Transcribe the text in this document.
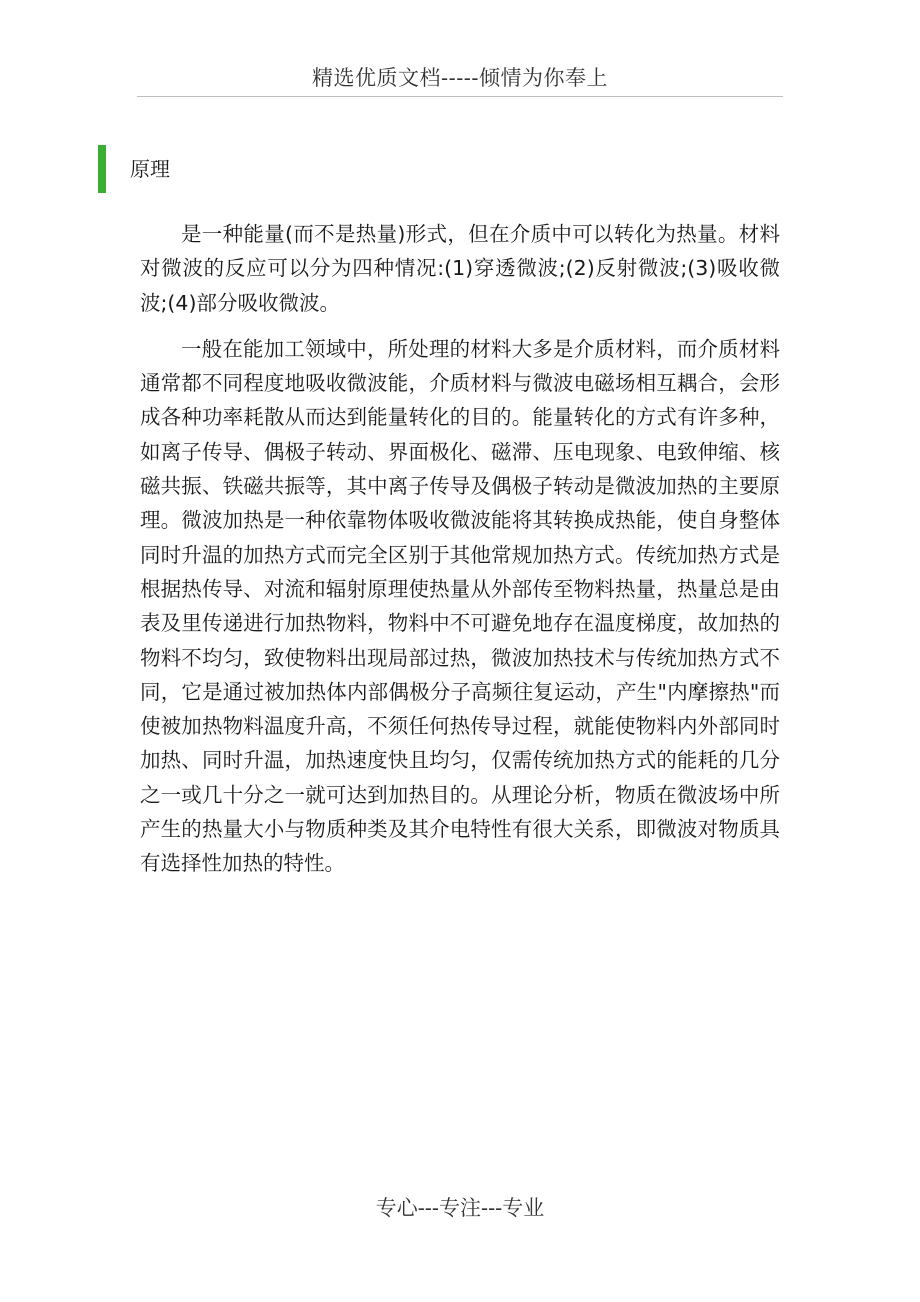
精选优质文档-----倾情为你奉上
原理

是一种能量(而不是热量)形式，但在介质中可以转化为热量。材料对微波的反应可以分为四种情况:(1)穿透微波;(2)反射微波;(3)吸收微波;(4)部分吸收微波。

一般在能加工领域中，所处理的材料大多是介质材料，而介质材料通常都不同程度地吸收微波能，介质材料与微波电磁场相互耦合，会形成各种功率耗散从而达到能量转化的目的。能量转化的方式有许多种，如离子传导、偶极子转动、界面极化、磁滞、压电现象、电致伸缩、核磁共振、铁磁共振等，其中离子传导及偶极子转动是微波加热的主要原理。微波加热是一种依靠物体吸收微波能将其转换成热能，使自身整体同时升温的加热方式而完全区别于其他常规加热方式。传统加热方式是根据热传导、对流和辐射原理使热量从外部传至物料热量，热量总是由表及里传递进行加热物料，物料中不可避免地存在温度梯度，故加热的物料不均匀，致使物料出现局部过热，微波加热技术与传统加热方式不同，它是通过被加热体内部偶极分子高频往复运动，产生"内摩擦热"而使被加热物料温度升高，不须任何热传导过程，就能使物料内外部同时加热、同时升温，加热速度快且均匀，仅需传统加热方式的能耗的几分之一或几十分之一就可达到加热目的。从理论分析，物质在微波场中所产生的热量大小与物质种类及其介电特性有很大关系，即微波对物质具有选择性加热的特性。

专心---专注---专业
